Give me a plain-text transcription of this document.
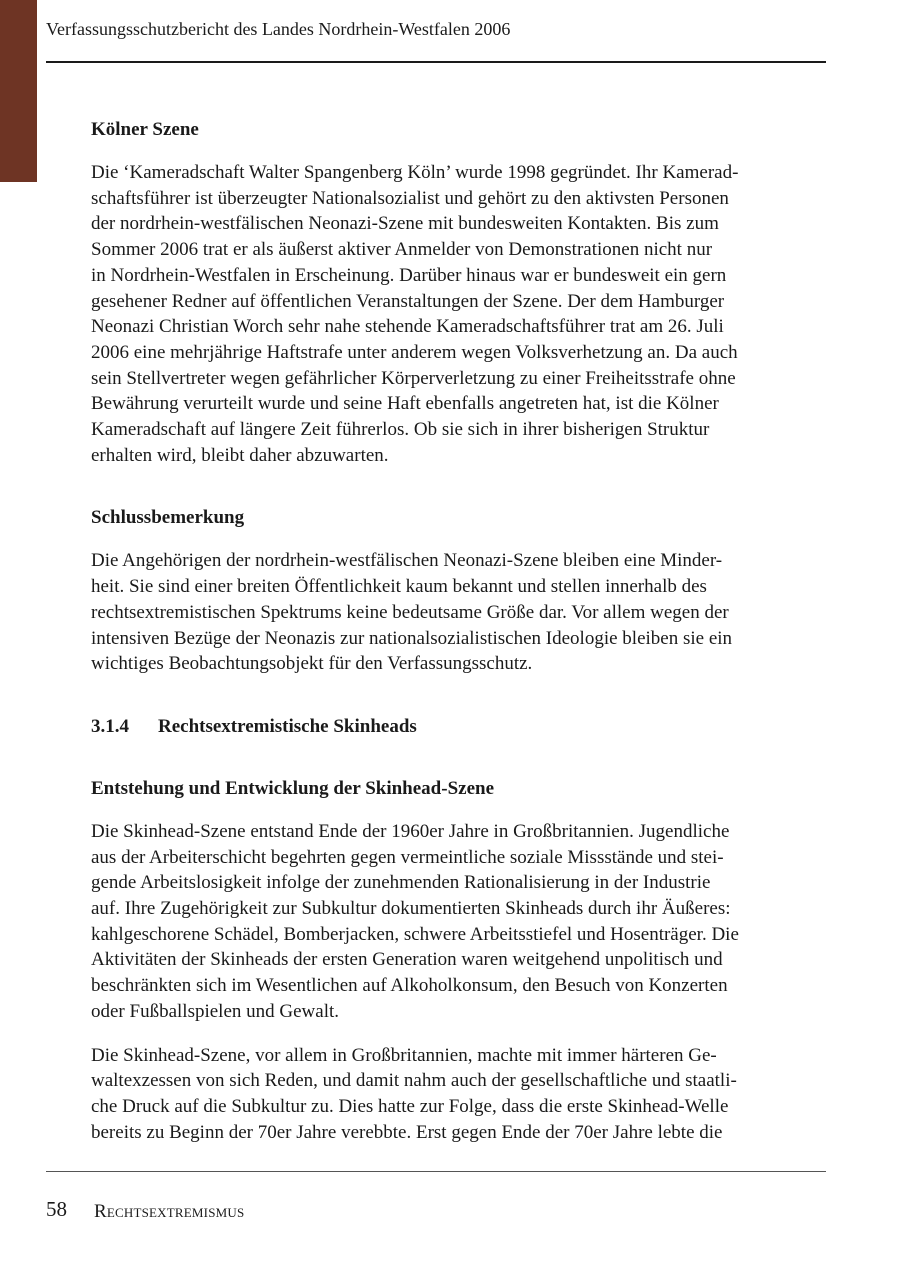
Verfassungsschutzbericht des Landes Nordrhein-Westfalen 2006
Kölner Szene

Die ‘Kameradschaft Walter Spangenberg Köln’ wurde 1998 gegründet. Ihr Kamerad-
schaftsführer ist überzeugter Nationalsozialist und gehört zu den aktivsten Personen
der nordrhein-westfälischen Neonazi-Szene mit bundesweiten Kontakten. Bis zum
Sommer 2006 trat er als äußerst aktiver Anmelder von Demonstrationen nicht nur
in Nordrhein-Westfalen in Erscheinung. Darüber hinaus war er bundesweit ein gern
gesehener Redner auf öffentlichen Veranstaltungen der Szene. Der dem Hamburger
Neonazi Christian Worch sehr nahe stehende Kameradschaftsführer trat am 26. Juli
2006 eine mehrjährige Haftstrafe unter anderem wegen Volksverhetzung an. Da auch
sein Stellvertreter wegen gefährlicher Körperverletzung zu einer Freiheitsstrafe ohne
Bewährung verurteilt wurde und seine Haft ebenfalls angetreten hat, ist die Kölner
Kameradschaft auf längere Zeit führerlos. Ob sie sich in ihrer bisherigen Struktur
erhalten wird, bleibt daher abzuwarten.

Schlussbemerkung

Die Angehörigen der nordrhein-westfälischen Neonazi-Szene bleiben eine Minder-
heit. Sie sind einer breiten Öffentlichkeit kaum bekannt und stellen innerhalb des
rechtsextremistischen Spektrums keine bedeutsame Größe dar. Vor allem wegen der
intensiven Bezüge der Neonazis zur nationalsozialistischen Ideologie bleiben sie ein
wichtiges Beobachtungsobjekt für den Verfassungsschutz.

3.1.4 Rechtsextremistische Skinheads
Entstehung und Entwicklung der Skinhead-Szene

Die Skinhead-Szene entstand Ende der 1960er Jahre in Großbritannien. Jugendliche
aus der Arbeiterschicht begehrten gegen vermeintliche soziale Missstände und stei-
gende Arbeitslosigkeit infolge der zunehmenden Rationalisierung in der Industrie
auf. Ihre Zugehörigkeit zur Subkultur dokumentierten Skinheads durch ihr Äußeres:
kahlgeschorene Schädel, Bomberjacken, schwere Arbeitsstiefel und Hosenträger. Die
Aktivitäten der Skinheads der ersten Generation waren weitgehend unpolitisch und
beschränkten sich im Wesentlichen auf Alkoholkonsum, den Besuch von Konzerten
oder Fußballspielen und Gewalt.

Die Skinhead-Szene, vor allem in Großbritannien, machte mit immer härteren Ge-
waltexzessen von sich Reden, und damit nahm auch der gesellschaftliche und staatli-
che Druck auf die Subkultur zu. Dies hatte zur Folge, dass die erste Skinhead-Welle
bereits zu Beginn der 70er Jahre verebbte. Erst gegen Ende der 70er Jahre lebte die

58 Rechtsextremismus
